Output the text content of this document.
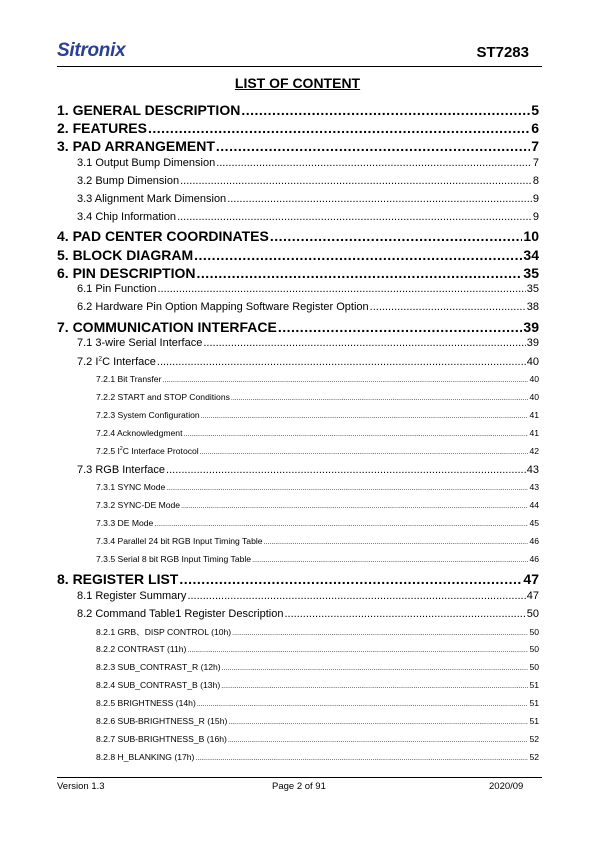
Sitronix	ST7283
LIST OF CONTENT
1. GENERAL DESCRIPTION .....	5
2. FEATURES .....	6
3. PAD ARRANGEMENT .....	7
3.1 Output Bump Dimension .....	7
3.2 Bump Dimension .....	8
3.3 Alignment Mark Dimension .....	9
3.4 Chip Information .....	9
4. PAD CENTER COORDINATES .....	10
5. BLOCK DIAGRAM .....	34
6. PIN DESCRIPTION .....	35
6.1 Pin Function .....	35
6.2 Hardware Pin Option Mapping Software Register Option .....	38
7. COMMUNICATION INTERFACE .....	39
7.1 3-wire Serial Interface .....	39
7.2 $I^2C$ Interface .....	40
7.2.1 Bit Transfer .....	40
7.2.2 START and STOP Conditions .....	40
7.2.3 System Configuration .....	41
7.2.4 Acknowledgment .....	41
7.2.5 $I^2C$ Interface Protocol .....	42
7.3 RGB Interface .....	43
7.3.1 SYNC Mode .....	43
7.3.2 SYNC-DE Mode .....	44
7.3.3 DE Mode .....	45
7.3.4 Parallel 24 bit RGB Input Timing Table .....	46
7.3.5 Serial 8 bit RGB Input Timing Table .....	46
8. REGISTER LIST .....	47
8.1 Register Summary .....	47
8.2 Command Table1 Register Description .....	50
8.2.1 GRB、DISP CONTROL (10h) .....	50
8.2.2 CONTRAST (11h) .....	50
8.2.3 SUB_CONTRAST_R (12h) .....	50
8.2.4 SUB_CONTRAST_B (13h) .....	51
8.2.5 BRIGHTNESS (14h) .....	51
8.2.6 SUB-BRIGHTNESS_R (15h) .....	51
8.2.7 SUB-BRIGHTNESS_B (16h) .....	52
8.2.8 H_BLANKING (17h) .....	52
Version 1.3	Page 2 of 91	2020/09
